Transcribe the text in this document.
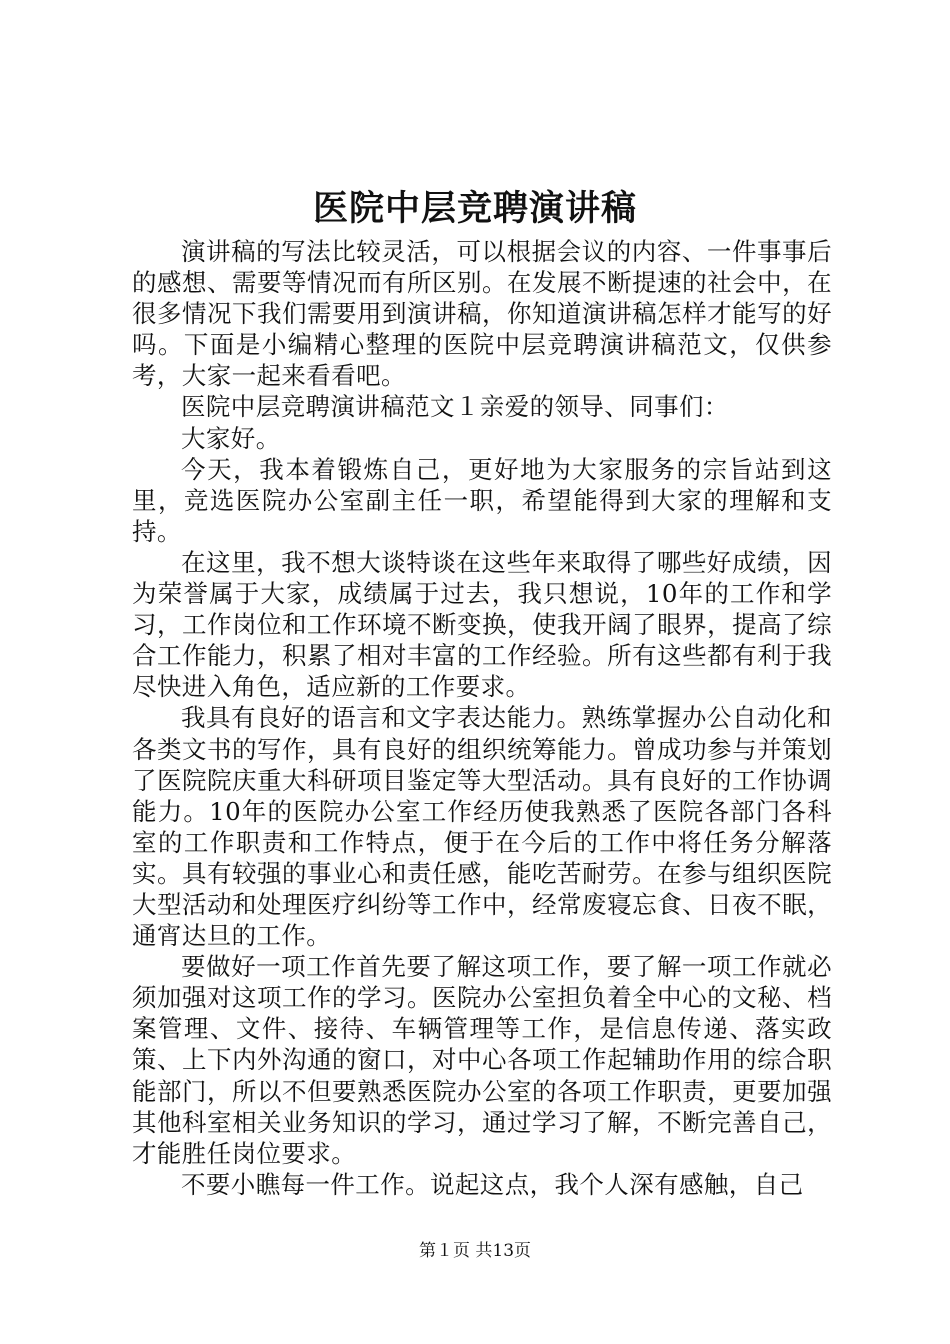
医院中层竞聘演讲稿

演讲稿的写法比较灵活，可以根据会议的内容、一件事事后的感想、需要等情况而有所区别。在发展不断提速的社会中，在很多情况下我们需要用到演讲稿，你知道演讲稿怎样才能写的好吗。下面是小编精心整理的医院中层竞聘演讲稿范文，仅供参考，大家一起来看看吧。

医院中层竞聘演讲稿范文１亲爱的领导、同事们：

大家好。

今天，我本着锻炼自己，更好地为大家服务的宗旨站到这里，竞选医院办公室副主任一职，希望能得到大家的理解和支持。

在这里，我不想大谈特谈在这些年来取得了哪些好成绩，因为荣誉属于大家，成绩属于过去，我只想说，10年的工作和学习，工作岗位和工作环境不断变换，使我开阔了眼界，提高了综合工作能力，积累了相对丰富的工作经验。所有这些都有利于我尽快进入角色，适应新的工作要求。

我具有良好的语言和文字表达能力。熟练掌握办公自动化和各类文书的写作，具有良好的组织统筹能力。曾成功参与并策划了医院院庆重大科研项目鉴定等大型活动。具有良好的工作协调能力。10年的医院办公室工作经历使我熟悉了医院各部门各科室的工作职责和工作特点，便于在今后的工作中将任务分解落实。具有较强的事业心和责任感，能吃苦耐劳。在参与组织医院大型活动和处理医疗纠纷等工作中，经常废寝忘食、日夜不眠，通宵达旦的工作。

要做好一项工作首先要了解这项工作，要了解一项工作就必须加强对这项工作的学习。医院办公室担负着全中心的文秘、档案管理、文件、接待、车辆管理等工作，是信息传递、落实政策、上下内外沟通的窗口，对中心各项工作起辅助作用的综合职能部门，所以不但要熟悉医院办公室的各项工作职责，更要加强其他科室相关业务知识的学习，通过学习了解，不断完善自己，才能胜任岗位要求。

不要小瞧每一件工作。说起这点，我个人深有感触，自己

第１页 共13页
